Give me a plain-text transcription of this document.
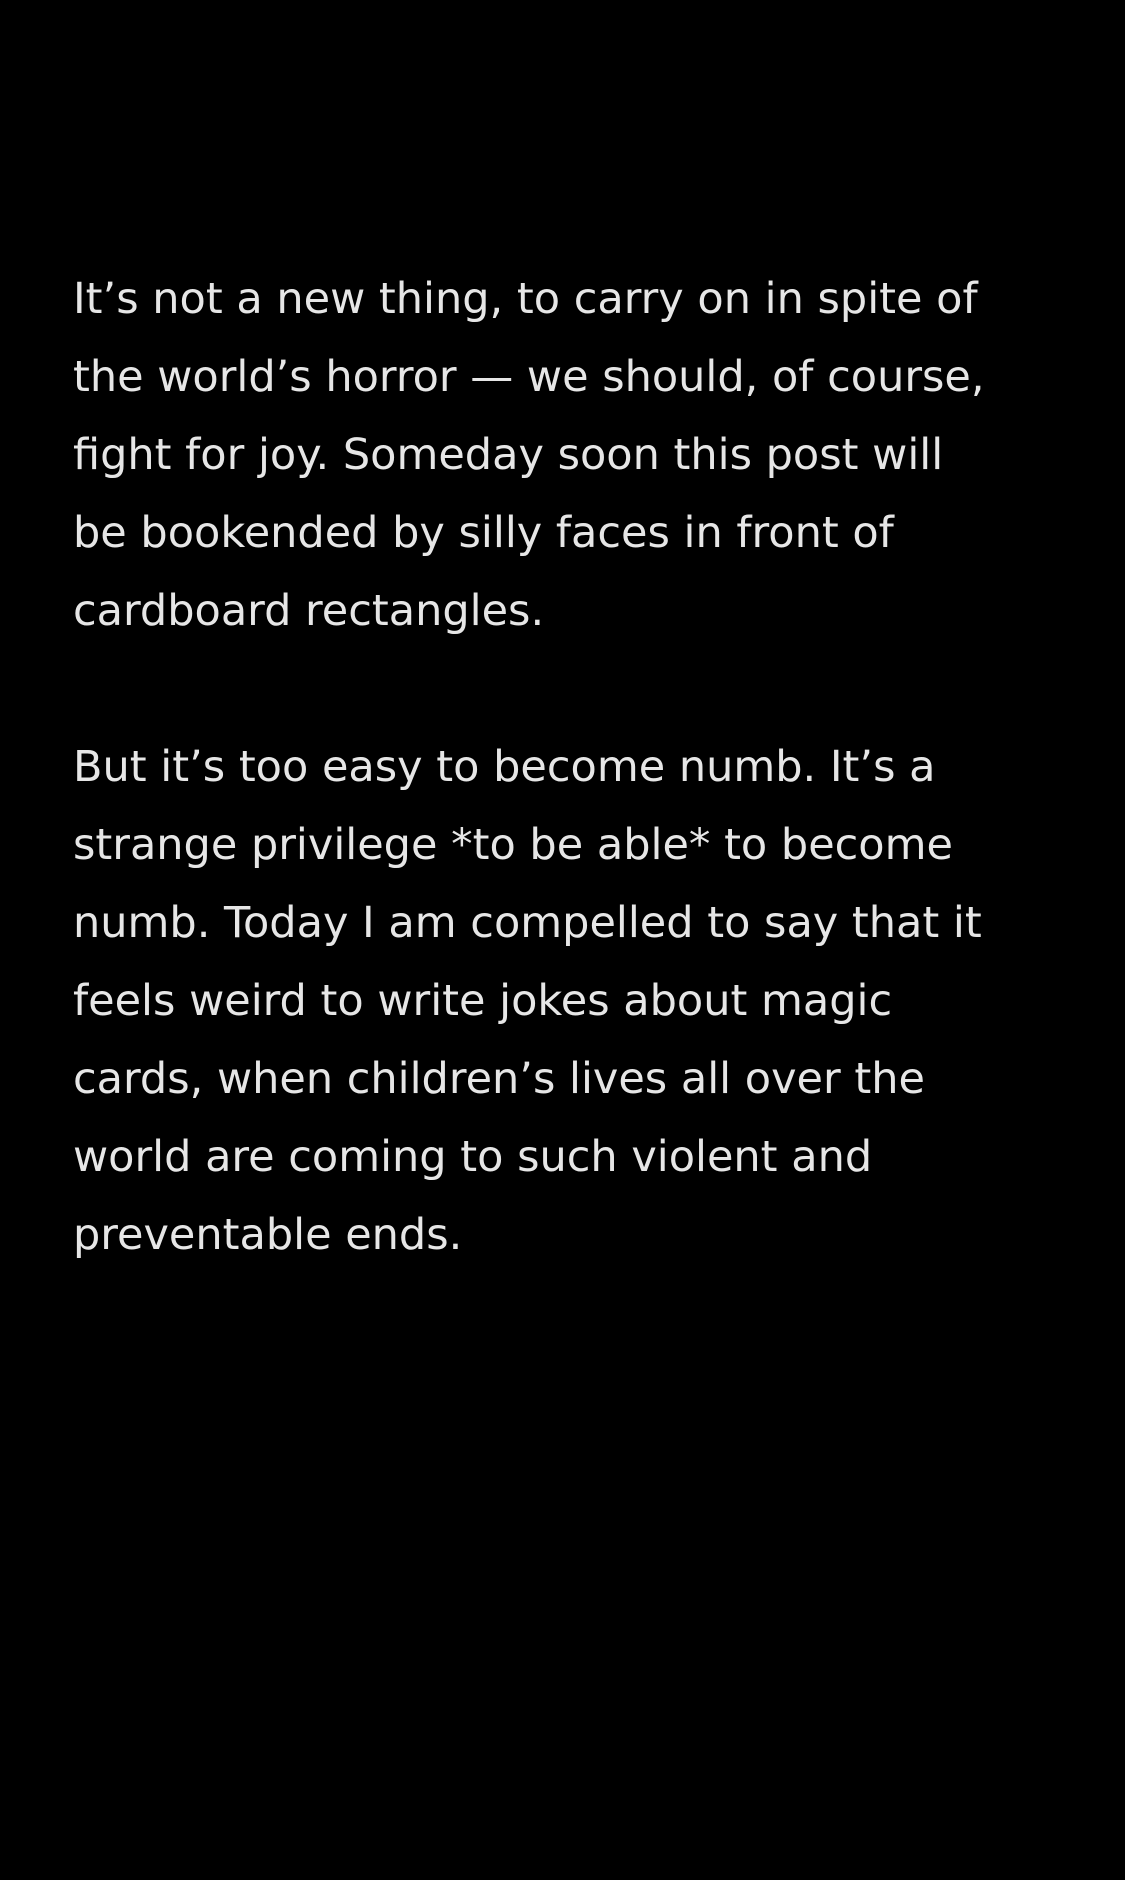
It’s not a new thing, to carry on in spite of
the world’s horror — we should, of course,
fight for joy. Someday soon this post will
be bookended by silly faces in front of
cardboard rectangles.

But it’s too easy to become numb. It’s a
strange privilege *to be able* to become
numb. Today I am compelled to say that it
feels weird to write jokes about magic
cards, when children’s lives all over the
world are coming to such violent and
preventable ends.
